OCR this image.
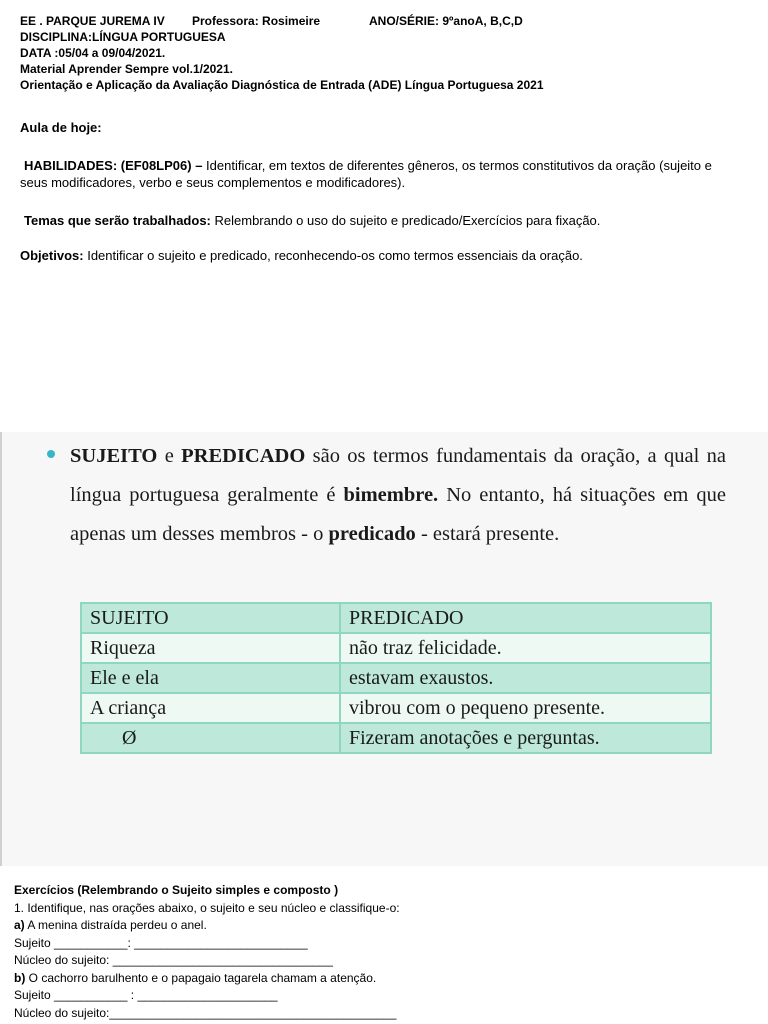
EE . PARQUE JUREMA IV Professora: Rosimeire	ANO/SÉRIE: 9ºanoA, B,C,D
DISCIPLINA:LÍNGUA PORTUGUESA
DATA :05/04 a 09/04/2021.
Material Aprender Sempre vol.1/2021.
Orientação e Aplicação da Avaliação Diagnóstica de Entrada (ADE) Língua Portuguesa 2021
Aula de hoje:
HABILIDADES: (EF08LP06) – Identificar, em textos de diferentes gêneros, os termos constitutivos da oração (sujeito e seus modificadores, verbo e seus complementos e modificadores).
Temas que serão trabalhados: Relembrando o uso do sujeito e predicado/Exercícios para fixação.
Objetivos: Identificar o sujeito e predicado, reconhecendo-os como termos essenciais da oração.
SUJEITO e PREDICADO são os termos fundamentais da oração, a qual na língua portuguesa geralmente é bimembre. No entanto, há situações em que apenas um desses membros - o predicado - estará presente.
SUJEITO	PREDICADO
Riqueza	não traz felicidade.
Ele e ela	estavam exaustos.
A criança	vibrou com o pequeno presente.
Ø	Fizeram anotações e perguntas.
Exercícios (Relembrando o Sujeito simples e composto )
1. Identifique, nas orações abaixo, o sujeito e seu núcleo e classifique-o:
a) A menina distraída perdeu o anel.
Sujeito ___________: __________________________
Núcleo do sujeito: _________________________________
b) O cachorro barulhento e o papagaio tagarela chamam a atenção.
Sujeito ___________ : _____________________
Núcleo do sujeito:___________________________________________
